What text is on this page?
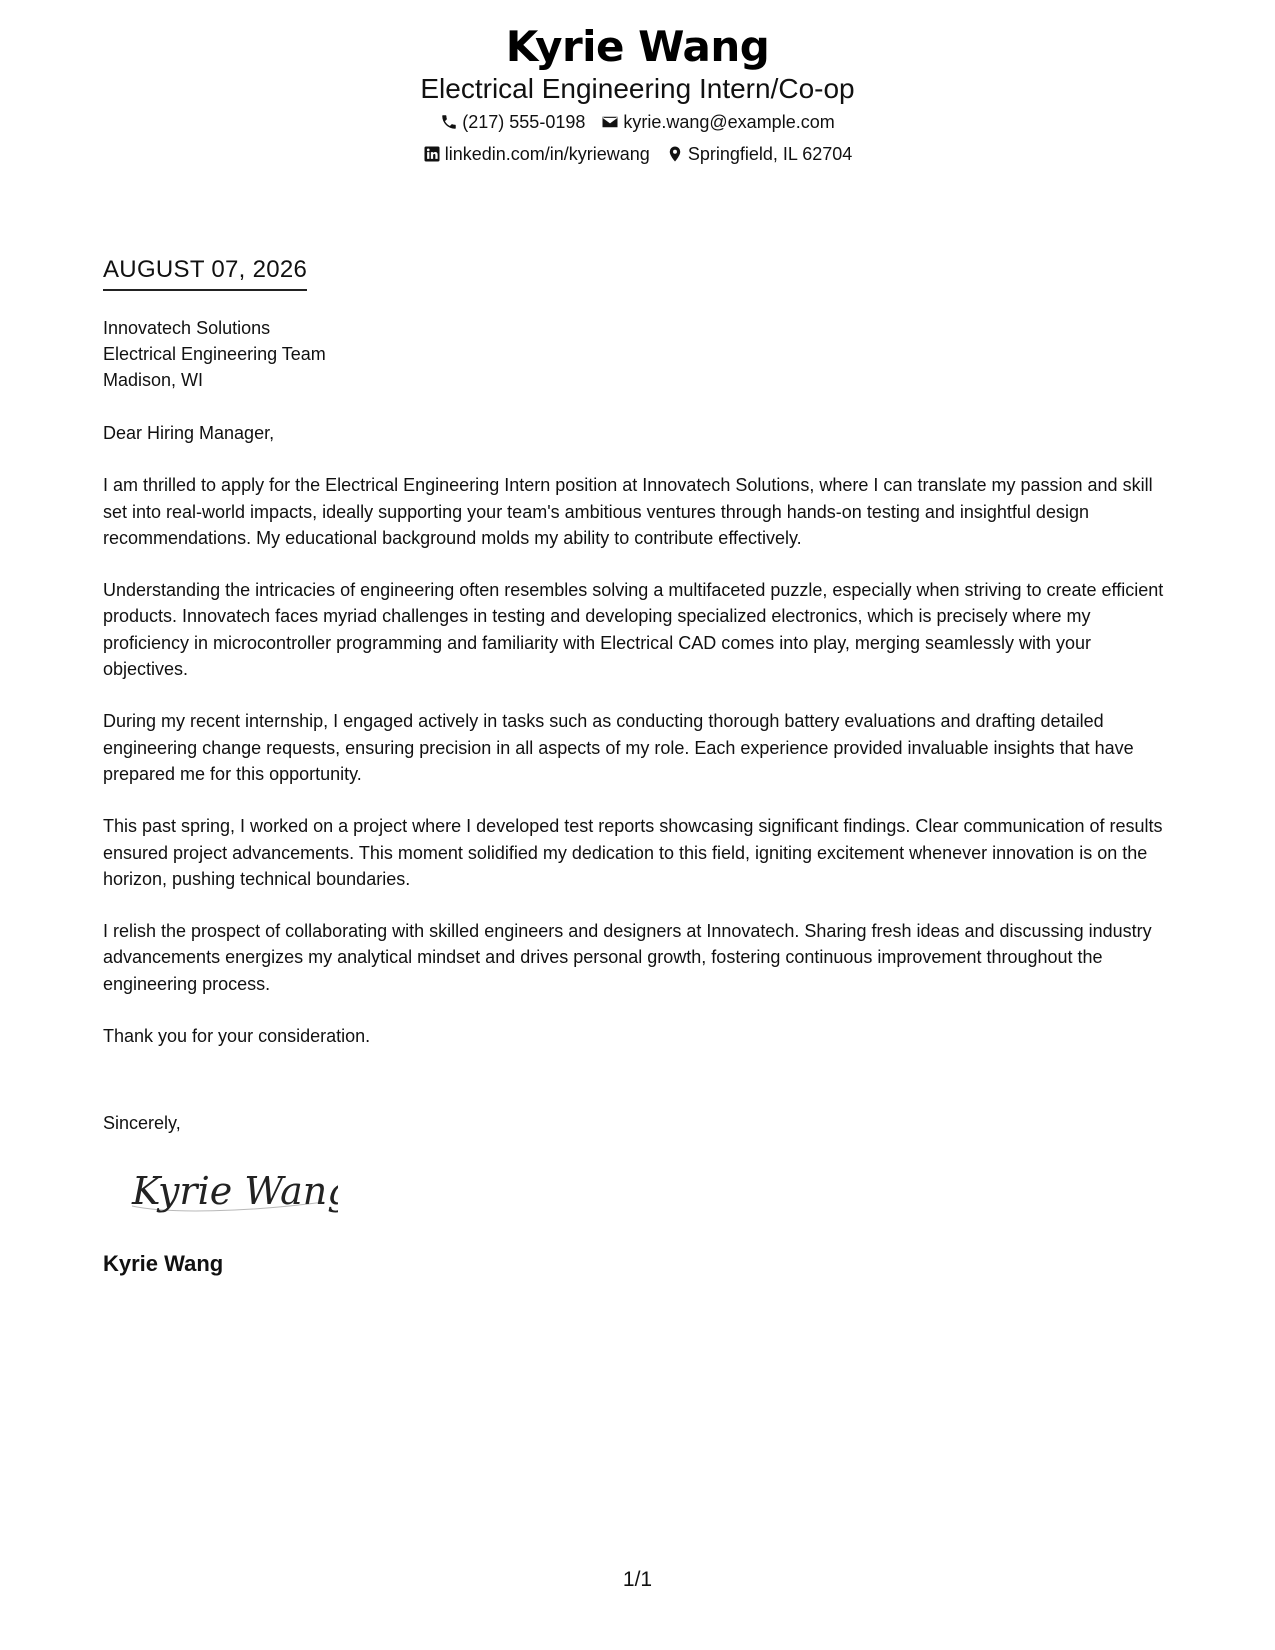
Kyrie Wang
Electrical Engineering Intern/Co-op
(217) 555-0198 kyrie.wang@example.com
linkedin.com/in/kyriewang Springfield, IL 62704
AUGUST 07, 2026
Innovatech Solutions
Electrical Engineering Team
Madison, WI

Dear Hiring Manager,

I am thrilled to apply for the Electrical Engineering Intern position at Innovatech Solutions, where I can translate my passion and skill set into real-world impacts, ideally supporting your team's ambitious ventures through hands-on testing and insightful design recommendations. My educational background molds my ability to contribute effectively.

Understanding the intricacies of engineering often resembles solving a multifaceted puzzle, especially when striving to create efficient products. Innovatech faces myriad challenges in testing and developing specialized electronics, which is precisely where my proficiency in microcontroller programming and familiarity with Electrical CAD comes into play, merging seamlessly with your objectives.

During my recent internship, I engaged actively in tasks such as conducting thorough battery evaluations and drafting detailed engineering change requests, ensuring precision in all aspects of my role. Each experience provided invaluable insights that have prepared me for this opportunity.

This past spring, I worked on a project where I developed test reports showcasing significant findings. Clear communication of results ensured project advancements. This moment solidified my dedication to this field, igniting excitement whenever innovation is on the horizon, pushing technical boundaries.

I relish the prospect of collaborating with skilled engineers and designers at Innovatech. Sharing fresh ideas and discussing industry advancements energizes my analytical mindset and drives personal growth, fostering continuous improvement throughout the engineering process.

Thank you for your consideration.

Sincerely,
Kyrie Wang
Kyrie Wang
1/1
